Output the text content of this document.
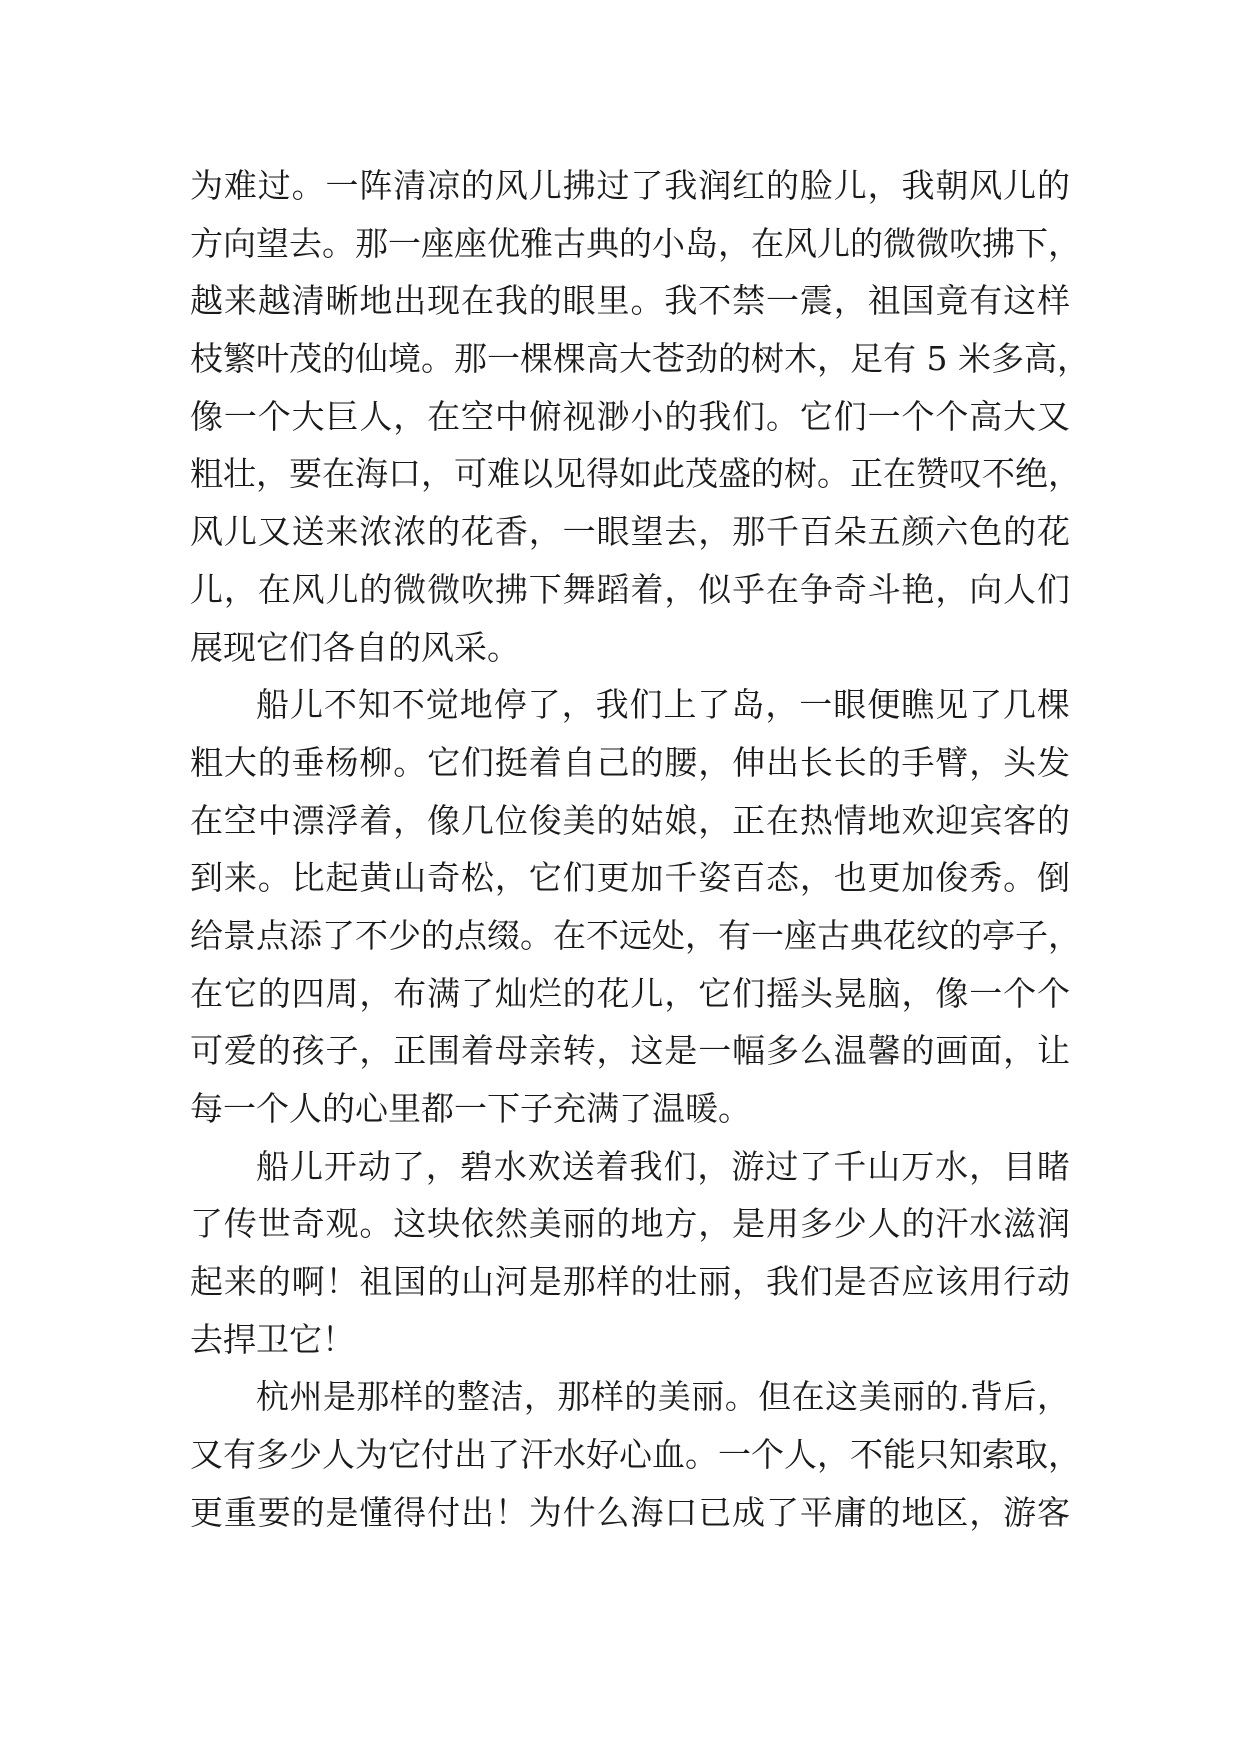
为难过。一阵清凉的风儿拂过了我润红的脸儿，我朝风儿的
方向望去。那一座座优雅古典的小岛，在风儿的微微吹拂下，
越来越清晰地出现在我的眼里。我不禁一震，祖国竟有这样
枝繁叶茂的仙境。那一棵棵高大苍劲的树木，足有 5 米多高，
像一个大巨人，在空中俯视渺小的我们。它们一个个高大又
粗壮，要在海口，可难以见得如此茂盛的树。正在赞叹不绝，
风儿又送来浓浓的花香，一眼望去，那千百朵五颜六色的花
儿，在风儿的微微吹拂下舞蹈着，似乎在争奇斗艳，向人们
展现它们各自的风采。
船儿不知不觉地停了，我们上了岛，一眼便瞧见了几棵
粗大的垂杨柳。它们挺着自己的腰，伸出长长的手臂，头发
在空中漂浮着，像几位俊美的姑娘，正在热情地欢迎宾客的
到来。比起黄山奇松，它们更加千姿百态，也更加俊秀。倒
给景点添了不少的点缀。在不远处，有一座古典花纹的亭子，
在它的四周，布满了灿烂的花儿，它们摇头晃脑，像一个个
可爱的孩子，正围着母亲转，这是一幅多么温馨的画面，让
每一个人的心里都一下子充满了温暖。
船儿开动了，碧水欢送着我们，游过了千山万水，目睹
了传世奇观。这块依然美丽的地方，是用多少人的汗水滋润
起来的啊！祖国的山河是那样的壮丽，我们是否应该用行动
去捍卫它！
杭州是那样的整洁，那样的美丽。但在这美丽的.背后，
又有多少人为它付出了汗水好心血。一个人，不能只知索取，
更重要的是懂得付出！为什么海口已成了平庸的地区，游客
